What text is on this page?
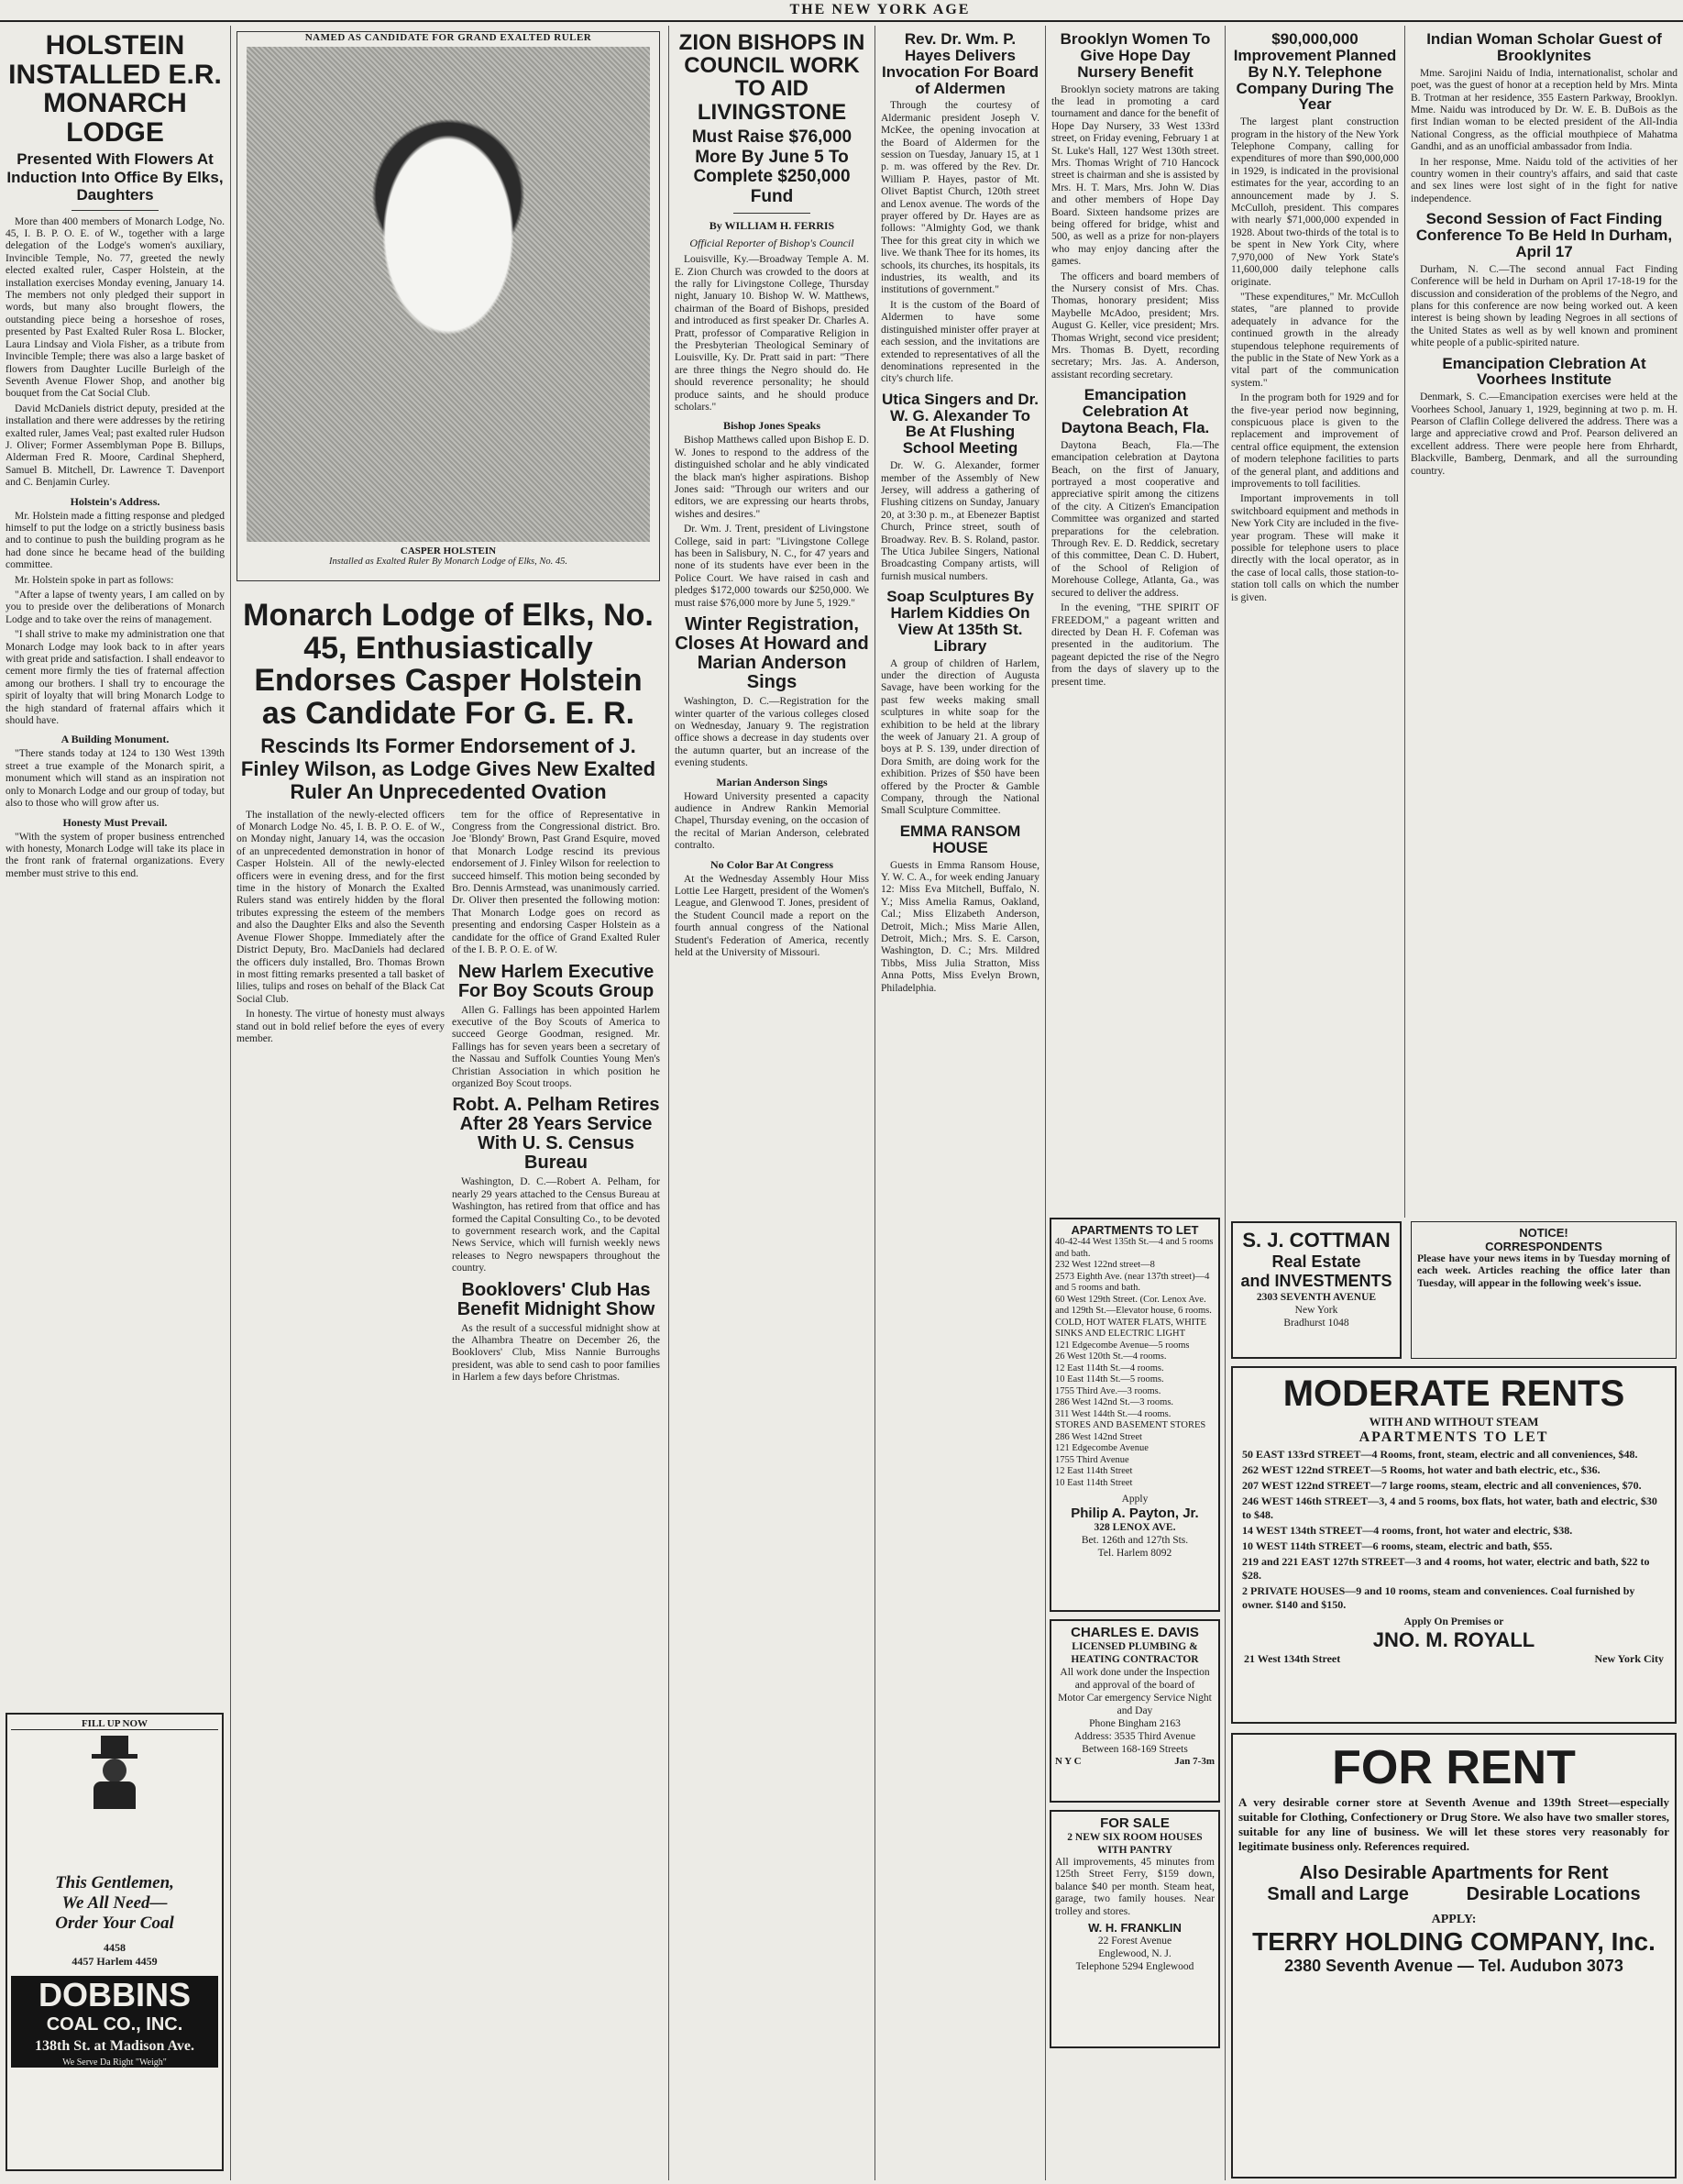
THE NEW YORK AGE
HOLSTEIN INSTALLED E.R. MONARCH LODGE
Presented With Flowers At Induction Into Office By Elks, Daughters

More than 400 members of Monarch Lodge, No. 45, I. B. P. O. E. of W., together with a large delegation of the Lodge's women's auxiliary, Invincible Temple, No. 77, greeted the newly elected exalted ruler, Casper Holstein, at the installation exercises Monday evening, January 14. The members not only pledged their support in words, but many also brought flowers, the outstanding piece being a horseshoe of roses, presented by Past Exalted Ruler Rosa L. Blocker, Laura Lindsay and Viola Fisher, as a tribute from Invincible Temple; there was also a large basket of flowers from Daughter Lucille Burleigh of the Seventh Avenue Flower Shop, and another big bouquet from the Cat Social Club.

David McDaniels district deputy, presided at the installation and there were addresses by the retiring exalted ruler, James Veal; past exalted ruler Hudson J. Oliver; Former Assemblyman Pope B. Billups, Alderman Fred R. Moore, Cardinal Shepherd, Samuel B. Mitchell, Dr. Lawrence T. Davenport and C. Benjamin Curley.

Holstein's Address.

Mr. Holstein made a fitting response and pledged himself to put the lodge on a strictly business basis and to continue to push the building program as he had done since he became head of the building committee.

Mr. Holstein spoke in part as follows:

"After a lapse of twenty years, I am called on by you to preside over the deliberations of Monarch Lodge and to take over the reins of management.

"I shall strive to make my administration one that Monarch Lodge may look back to in after years with great pride and satisfaction. I shall endeavor to cement more firmly the ties of fraternal affection among our brothers. I shall try to encourage the spirit of loyalty that will bring Monarch Lodge to the high standard of fraternal affairs which it should have.

A Building Monument.

"There stands today at 124 to 130 West 139th street a true example of the Monarch spirit, a monument which will stand as an inspiration not only to Monarch Lodge and our group of today, but also to those who will grow after us.

Honesty Must Prevail.

"With the system of proper business entrenched with honesty, Monarch Lodge will take its place in the front rank of fraternal organizations. Every member must strive to this end.

FILL UP NOW
This Gentlemen,
We All Need—
Order Your Coal
4458
4457 Harlem 4459
DOBBINS
COAL CO., INC.
138th St. at Madison Ave.
We Serve Da Right "Weigh"
NAMED AS CANDIDATE FOR GRAND EXALTED RULER
CASPER HOLSTEIN
Installed as Exalted Ruler By Monarch Lodge of Elks, No. 45.
Monarch Lodge of Elks, No. 45, Enthusiastically Endorses Casper Holstein as Candidate For G. E. R.
Rescinds Its Former Endorsement of J. Finley Wilson, as Lodge Gives New Exalted Ruler An Unprecedented Ovation

The installation of the newly-elected officers of Monarch Lodge No. 45, I. B. P. O. E. of W., on Monday night, January 14, was the occasion of an unprecedented demonstration in honor of Casper Holstein. All of the newly-elected officers were in evening dress, and for the first time in the history of Monarch the Exalted Rulers stand was entirely hidden by the floral tributes expressing the esteem of the members and also the Daughter Elks and also the Seventh Avenue Flower Shoppe. Immediately after the District Deputy, Bro. MacDaniels had declared the officers duly installed, Bro. Thomas Brown in most fitting remarks presented a tall basket of lilies, tulips and roses on behalf of the Black Cat Social Club.

In honesty. The virtue of honesty must always stand out in bold relief before the eyes of every member.

tem for the office of Representative in Congress from the Congressional district. Bro. Joe 'Blondy' Brown, Past Grand Esquire, moved that Monarch Lodge rescind its previous endorsement of J. Finley Wilson for reelection to succeed himself. This motion being seconded by Bro. Dennis Armstead, was unanimously carried. Dr. Oliver then presented the following motion: That Monarch Lodge goes on record as presenting and endorsing Casper Holstein as a candidate for the office of Grand Exalted Ruler of the I. B. P. O. E. of W.

New Harlem Executive For Boy Scouts Group

Allen G. Fallings has been appointed Harlem executive of the Boy Scouts of America to succeed George Goodman, resigned. Mr. Fallings has for seven years been a secretary of the Nassau and Suffolk Counties Young Men's Christian Association in which position he organized Boy Scout troops.

Robt. A. Pelham Retires After 28 Years Service With U. S. Census Bureau

Washington, D. C.—Robert A. Pelham, for nearly 29 years attached to the Census Bureau at Washington, has retired from that office and has formed the Capital Consulting Co., to be devoted to government research work, and the Capital News Service, which will furnish weekly news releases to Negro newspapers throughout the country.

Booklovers' Club Has Benefit Midnight Show

As the result of a successful midnight show at the Alhambra Theatre on December 26, the Booklovers' Club, Miss Nannie Burroughs president, was able to send cash to poor families in Harlem a few days before Christmas.

ZION BISHOPS IN COUNCIL WORK TO AID LIVINGSTONE
Must Raise $76,000 More By June 5 To Complete $250,000 Fund
By WILLIAM H. FERRIS
Official Reporter of Bishop's Council

Louisville, Ky.—Broadway Temple A. M. E. Zion Church was crowded to the doors at the rally for Livingstone College, Thursday night, January 10. Bishop W. W. Matthews, chairman of the Board of Bishops, presided and introduced as first speaker Dr. Charles A. Pratt, professor of Comparative Religion in the Presbyterian Theological Seminary of Louisville, Ky. Dr. Pratt said in part: "There are three things the Negro should do. He should reverence personality; he should produce saints, and he should produce scholars."

Bishop Jones Speaks

Bishop Matthews called upon Bishop E. D. W. Jones to respond to the address of the distinguished scholar and he ably vindicated the black man's higher aspirations. Bishop Jones said: "Through our writers and our editors, we are expressing our hearts throbs, wishes and desires."

Dr. Wm. J. Trent, president of Livingstone College, said in part: "Livingstone College has been in Salisbury, N. C., for 47 years and none of its students have ever been in the Police Court. We have raised in cash and pledges $172,000 towards our $250,000. We must raise $76,000 more by June 5, 1929."

Winter Registration, Closes At Howard and Marian Anderson Sings

Washington, D. C.—Registration for the winter quarter of the various colleges closed on Wednesday, January 9. The registration office shows a decrease in day students over the autumn quarter, but an increase of the evening students.

Marian Anderson Sings

Howard University presented a capacity audience in Andrew Rankin Memorial Chapel, Thursday evening, on the occasion of the recital of Marian Anderson, celebrated contralto.

No Color Bar At Congress

At the Wednesday Assembly Hour Miss Lottie Lee Hargett, president of the Women's League, and Glenwood T. Jones, president of the Student Council made a report on the fourth annual congress of the National Student's Federation of America, recently held at the University of Missouri.

Rev. Dr. Wm. P. Hayes Delivers Invocation For Board of Aldermen

Through the courtesy of Aldermanic president Joseph V. McKee, the opening invocation at the Board of Aldermen for the session on Tuesday, January 15, at 1 p. m. was offered by the Rev. Dr. William P. Hayes, pastor of Mt. Olivet Baptist Church, 120th street and Lenox avenue. The words of the prayer offered by Dr. Hayes are as follows: "Almighty God, we thank Thee for this great city in which we live. We thank Thee for its homes, its schools, its churches, its hospitals, its industries, its wealth, and its institutions of government."

It is the custom of the Board of Aldermen to have some distinguished minister offer prayer at each session, and the invitations are extended to representatives of all the denominations represented in the city's church life.

Utica Singers and Dr. W. G. Alexander To Be At Flushing School Meeting

Dr. W. G. Alexander, former member of the Assembly of New Jersey, will address a gathering of Flushing citizens on Sunday, January 20, at 3:30 p. m., at Ebenezer Baptist Church, Prince street, south of Broadway. Rev. B. S. Roland, pastor. The Utica Jubilee Singers, National Broadcasting Company artists, will furnish musical numbers.

Soap Sculptures By Harlem Kiddies On View At 135th St. Library

A group of children of Harlem, under the direction of Augusta Savage, have been working for the past few weeks making small sculptures in white soap for the exhibition to be held at the library the week of January 21. A group of boys at P. S. 139, under direction of Dora Smith, are doing work for the exhibition. Prizes of $50 have been offered by the Procter & Gamble Company, through the National Small Sculpture Committee.

EMMA RANSOM HOUSE

Guests in Emma Ransom House, Y. W. C. A., for week ending January 12: Miss Eva Mitchell, Buffalo, N. Y.; Miss Amelia Ramus, Oakland, Cal.; Miss Elizabeth Anderson, Detroit, Mich.; Miss Marie Allen, Detroit, Mich.; Mrs. S. E. Carson, Washington, D. C.; Mrs. Mildred Tibbs, Miss Julia Stratton, Miss Anna Potts, Miss Evelyn Brown, Philadelphia.

Brooklyn Women To Give Hope Day Nursery Benefit

Brooklyn society matrons are taking the lead in promoting a card tournament and dance for the benefit of Hope Day Nursery, 33 West 133rd street, on Friday evening, February 1 at St. Luke's Hall, 127 West 130th street. Mrs. Thomas Wright of 710 Hancock street is chairman and she is assisted by Mrs. H. T. Mars, Mrs. John W. Dias and other members of Hope Day Board. Sixteen handsome prizes are being offered for bridge, whist and 500, as well as a prize for non-players who may enjoy dancing after the games.

The officers and board members of the Nursery consist of Mrs. Chas. Thomas, honorary president; Miss Maybelle McAdoo, president; Mrs. August G. Keller, vice president; Mrs. Thomas Wright, second vice president; Mrs. Thomas B. Dyett, recording secretary; Mrs. Jas. A. Anderson, assistant recording secretary.

Emancipation Celebration At Daytona Beach, Fla.

Daytona Beach, Fla.—The emancipation celebration at Daytona Beach, on the first of January, portrayed a most cooperative and appreciative spirit among the citizens of the city. A Citizen's Emancipation Committee was organized and started preparations for the celebration. Through Rev. E. D. Reddick, secretary of this committee, Dean C. D. Hubert, of the School of Religion of Morehouse College, Atlanta, Ga., was secured to deliver the address.

In the evening, "THE SPIRIT OF FREEDOM," a pageant written and directed by Dean H. F. Cofeman was presented in the auditorium. The pageant depicted the rise of the Negro from the days of slavery up to the present time.

APARTMENTS TO LET
40-42-44 West 135th St.—4 and 5 rooms and bath.
232 West 122nd street—8
2573 Eighth Ave. (near 137th street)—4 and 5 rooms and bath.
60 West 129th Street. (Cor. Lenox Ave. and 129th St.—Elevator house, 6 rooms.
COLD, HOT WATER FLATS, WHITE SINKS AND ELECTRIC LIGHT
121 Edgecombe Avenue—5 rooms
26 West 120th St.—4 rooms.
12 East 114th St.—4 rooms.
10 East 114th St.—5 rooms.
1755 Third Ave.—3 rooms.
286 West 142nd St.—3 rooms.
311 West 144th St.—4 rooms.
STORES AND BASEMENT STORES
286 West 142nd Street
121 Edgecombe Avenue
1755 Third Avenue
12 East 114th Street
10 East 114th Street
Apply
Philip A. Payton, Jr.
328 LENOX AVE.
Bet. 126th and 127th Sts.
Tel. Harlem 8092
CHARLES E. DAVIS
LICENSED PLUMBING & HEATING CONTRACTOR
All work done under the Inspection and approval of the board of
Motor Car emergency Service Night and Day
Phone Bingham 2163
Address: 3535 Third Avenue Between 168-169 Streets
N Y C	Jan 7-3m
FOR SALE
2 NEW SIX ROOM HOUSES WITH PANTRY

All improvements, 45 minutes from 125th Street Ferry, $159 down, balance $40 per month. Steam heat, garage, two family houses. Near trolley and stores.

W. H. FRANKLIN
22 Forest Avenue
Englewood, N. J.
Telephone 5294 Englewood
$90,000,000 Improvement Planned By N.Y. Telephone Company During The Year

The largest plant construction program in the history of the New York Telephone Company, calling for expenditures of more than $90,000,000 in 1929, is indicated in the provisional estimates for the year, according to an announcement made by J. S. McCulloh, president. This compares with nearly $71,000,000 expended in 1928. About two-thirds of the total is to be spent in New York City, where 7,970,000 of New York State's 11,600,000 daily telephone calls originate.

"These expenditures," Mr. McCulloh states, "are planned to provide adequately in advance for the continued growth in the already stupendous telephone requirements of the public in the State of New York as a vital part of the communication system."

In the program both for 1929 and for the five-year period now beginning, conspicuous place is given to the replacement and improvement of central office equipment, the extension of modern telephone facilities to parts of the general plant, and additions and improvements to toll facilities.

Important improvements in toll switchboard equipment and methods in New York City are included in the five-year program. These will make it possible for telephone users to place directly with the local operator, as in the case of local calls, those station-to-station toll calls on which the number is given.

Indian Woman Scholar Guest of Brooklynites

Mme. Sarojini Naidu of India, internationalist, scholar and poet, was the guest of honor at a reception held by Mrs. Minta B. Trotman at her residence, 355 Eastern Parkway, Brooklyn. Mme. Naidu was introduced by Dr. W. E. B. DuBois as the first Indian woman to be elected president of the All-India National Congress, as the official mouthpiece of Mahatma Gandhi, and as an unofficial ambassador from India.

In her response, Mme. Naidu told of the activities of her country women in their country's affairs, and said that caste and sex lines were lost sight of in the fight for native independence.

Second Session of Fact Finding Conference To Be Held In Durham, April 17

Durham, N. C.—The second annual Fact Finding Conference will be held in Durham on April 17-18-19 for the discussion and consideration of the problems of the Negro, and plans for this conference are now being worked out. A keen interest is being shown by leading Negroes in all sections of the United States as well as by well known and prominent white people of a public-spirited nature.

Emancipation Clebration At Voorhees Institute

Denmark, S. C.—Emancipation exercises were held at the Voorhees School, January 1, 1929, beginning at two p. m. H. Pearson of Claflin College delivered the address. There was a large and appreciative crowd and Prof. Pearson delivered an excellent address. There were people here from Ehrhardt, Blackville, Bamberg, Denmark, and all the surrounding country.

S. J. COTTMAN
Real Estate
and INVESTMENTS
2303 SEVENTH AVENUE
New York
Bradhurst 1048
NOTICE!
CORRESPONDENTS

Please have your news items in by Tuesday morning of each week. Articles reaching the office later than Tuesday, will appear in the following week's issue.

MODERATE RENTS
WITH AND WITHOUT STEAM
APARTMENTS TO LET
50 EAST 133rd STREET—4 Rooms, front, steam, electric and all conveniences, $48.
262 WEST 122nd STREET—5 Rooms, hot water and bath electric, etc., $36.
207 WEST 122nd STREET—7 large rooms, steam, electric and all conveniences, $70.
246 WEST 146th STREET—3, 4 and 5 rooms, box flats, hot water, bath and electric, $30 to $48.
14 WEST 134th STREET—4 rooms, front, hot water and electric, $38.
10 WEST 114th STREET—6 rooms, steam, electric and bath, $55.
219 and 221 EAST 127th STREET—3 and 4 rooms, hot water, electric and bath, $22 to $28.
2 PRIVATE HOUSES—9 and 10 rooms, steam and conveniences. Coal furnished by owner. $140 and $150.
Apply On Premises or
JNO. M. ROYALL
21 West 134th Street	New York City
FOR RENT

A very desirable corner store at Seventh Avenue and 139th Street—especially suitable for Clothing, Confectionery or Drug Store. We also have two smaller stores, suitable for any line of business. We will let these stores very reasonably for legitimate business only. References required.

Also Desirable Apartments for Rent
Small and Large	Desirable Locations
APPLY:
TERRY HOLDING COMPANY, Inc.
2380 Seventh Avenue — Tel. Audubon 3073
